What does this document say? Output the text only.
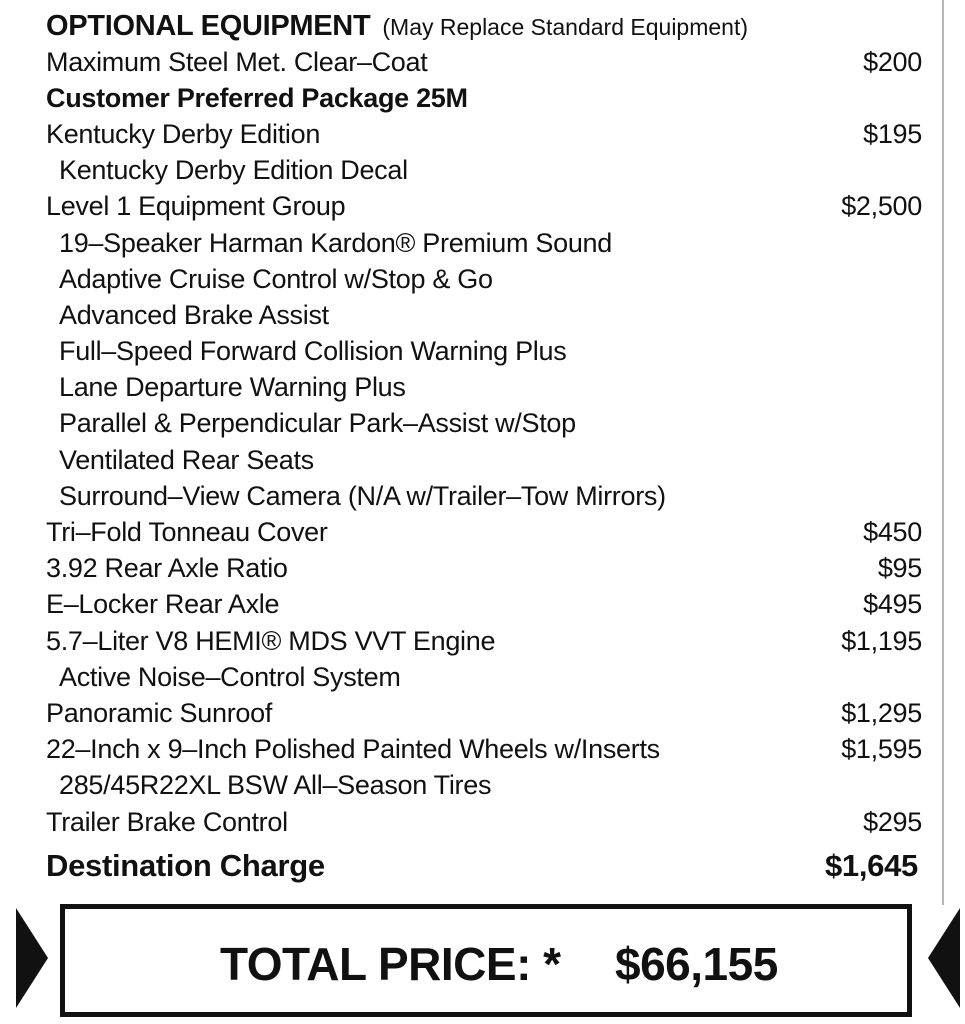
OPTIONAL EQUIPMENT (May Replace Standard Equipment)
Maximum Steel Met. Clear–Coat	$200
Customer Preferred Package 25M
Kentucky Derby Edition	$195
Kentucky Derby Edition Decal
Level 1 Equipment Group	$2,500
19–Speaker Harman Kardon® Premium Sound
Adaptive Cruise Control w/Stop & Go
Advanced Brake Assist
Full–Speed Forward Collision Warning Plus
Lane Departure Warning Plus
Parallel & Perpendicular Park–Assist w/Stop
Ventilated Rear Seats
Surround–View Camera (N/A w/Trailer–Tow Mirrors)
Tri–Fold Tonneau Cover	$450
3.92 Rear Axle Ratio	$95
E–Locker Rear Axle	$495
5.7–Liter V8 HEMI® MDS VVT Engine	$1,195
Active Noise–Control System
Panoramic Sunroof	$1,295
22–Inch x 9–Inch Polished Painted Wheels w/Inserts	$1,595
285/45R22XL BSW All–Season Tires
Trailer Brake Control	$295
Destination Charge	$1,645
TOTAL PRICE: * $66,155
